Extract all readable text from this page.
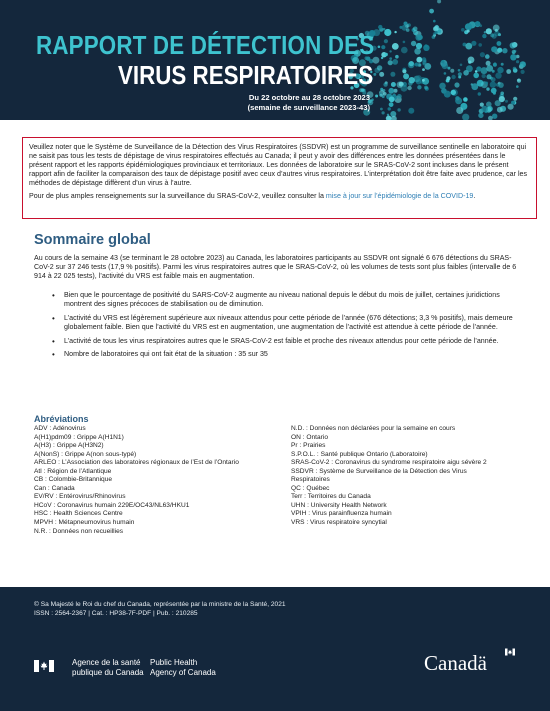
RAPPORT DE DÉTECTION DES
VIRUS RESPIRATOIRES
Du 22 octobre au 28 octobre 2023
(semaine de surveillance 2023-43)

Veuillez noter que le Système de Surveillance de la Détection des Virus Respiratoires (SSDVR) est un programme de surveillance sentinelle en laboratoire qui ne saisit pas tous les tests de dépistage de virus respiratoires effectués au Canada; il peut y avoir des différences entre les données présentées dans le présent rapport et les rapports épidémiologiques provinciaux et territoriaux. Les données de laboratoire sur le SRAS-CoV-2 sont incluses dans le présent rapport afin de faciliter la comparaison des taux de dépistage positif avec ceux d’autres virus respiratoires. L’interprétation doit être faite avec prudence, car les méthodes de dépistage diffèrent d’un virus à l’autre.

Pour de plus amples renseignements sur la surveillance du SRAS-CoV-2, veuillez consulter la mise à jour sur l’épidémiologie de la COVID-19.

Sommaire global

Au cours de la semaine 43 (se terminant le 28 octobre 2023) au Canada, les laboratoires participants au SSDVR ont signalé 6 676 détections du SRAS-CoV-2 sur 37 246 tests (17,9 % positifs). Parmi les virus respiratoires autres que le SRAS-CoV-2, où les volumes de tests sont plus faibles (intervalle de 6 914 à 22 025 tests), l’activité du VRS est faible mais en augmentation.

• Bien que le pourcentage de positivité du SARS-CoV-2 augmente au niveau national depuis le début du mois de juillet, certaines juridictions montrent des signes précoces de stabilisation ou de diminution.
• L’activité du VRS est légèrement supérieure aux niveaux attendus pour cette période de l’année (676 détections; 3,3 % positifs), mais demeure globalement faible. Bien que l’activité du VRS est en augmentation, une augmentation de l’activité est attendue à cette période de l’année.
• L’activité de tous les virus respiratoires autres que le SRAS-CoV-2 est faible et proche des niveaux attendus pour cette période de l’année.
• Nombre de laboratoires qui ont fait état de la situation : 35 sur 35
Abréviations
ADV : Adénovirus
A(H1)pdm09 : Grippe A(H1N1)
A(H3) : Grippe A(H3N2)
A(NonS) : Grippe A(non sous-typé)
ARLEO : L’Association des laboratoires régionaux de l’Est de l’Ontario
Atl : Région de l’Atlantique
CB : Colombie-Britannique
Can : Canada
EV/RV : Entérovirus/Rhinovirus
HCoV : Coronavirus humain 229E/OC43/NL63/HKU1
HSC : Health Sciences Centre
MPVH : Métapneumovirus humain
N.R. : Données non recueillies
N.D. : Données non déclarées pour la semaine en cours
ON : Ontario
Pr : Prairies
S.P.O.L. : Santé publique Ontario (Laboratoire)
SRAS-CoV-2 : Coronavirus du syndrome respiratoire aigu sévère 2
SSDVR : Système de Surveillance de la Détection des Virus
Respiratoires
QC : Québec
Terr : Territoires du Canada
UHN : University Health Network
VPIH : Virus parainfluenza humain
VRS : Virus respiratoire syncytial
© Sa Majesté le Roi du chef du Canada, représentée par la ministre de la Santé, 2021
ISSN : 2564-2367 | Cat. : HP38-7F-PDF | Pub. : 210285
Agence de la santé
publique du Canada
Public Health
Agency of Canada	Canadä
